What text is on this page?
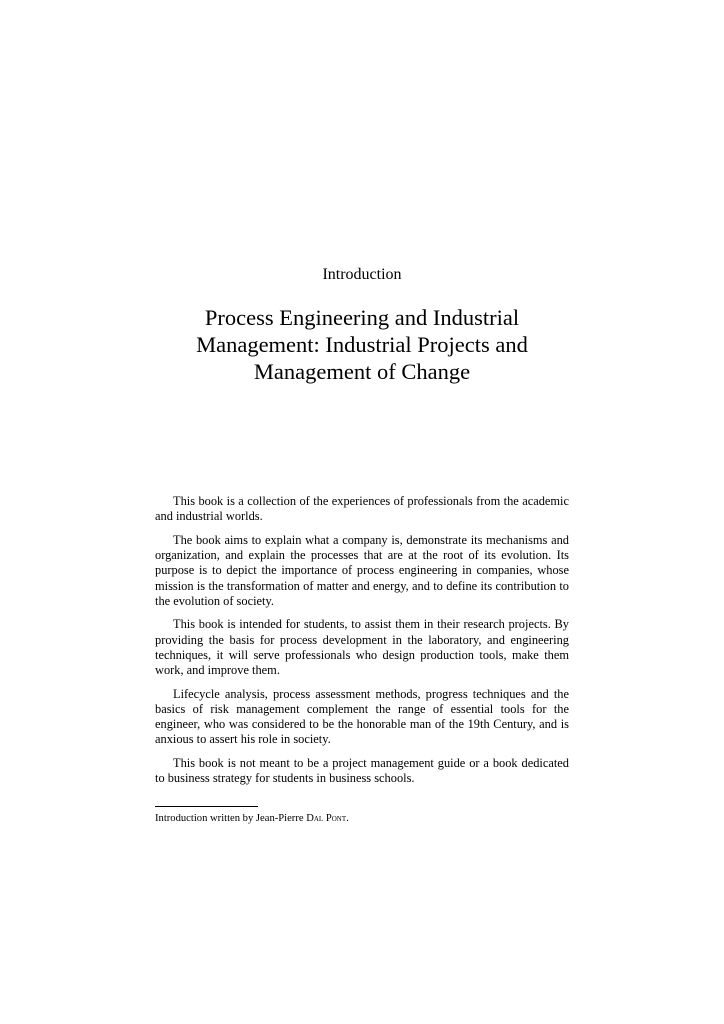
Introduction
Process Engineering and Industrial
Management: Industrial Projects and
Management of Change

This book is a collection of the experiences of professionals from the academic and industrial worlds.

The book aims to explain what a company is, demonstrate its mechanisms and organization, and explain the processes that are at the root of its evolution. Its purpose is to depict the importance of process engineering in companies, whose mission is the transformation of matter and energy, and to define its contribution to the evolution of society.

This book is intended for students, to assist them in their research projects. By providing the basis for process development in the laboratory, and engineering techniques, it will serve professionals who design production tools, make them work, and improve them.

Lifecycle analysis, process assessment methods, progress techniques and the basics of risk management complement the range of essential tools for the engineer, who was considered to be the honorable man of the 19th Century, and is anxious to assert his role in society.

This book is not meant to be a project management guide or a book dedicated to business strategy for students in business schools.

Introduction written by Jean-Pierre Dal Pont.
